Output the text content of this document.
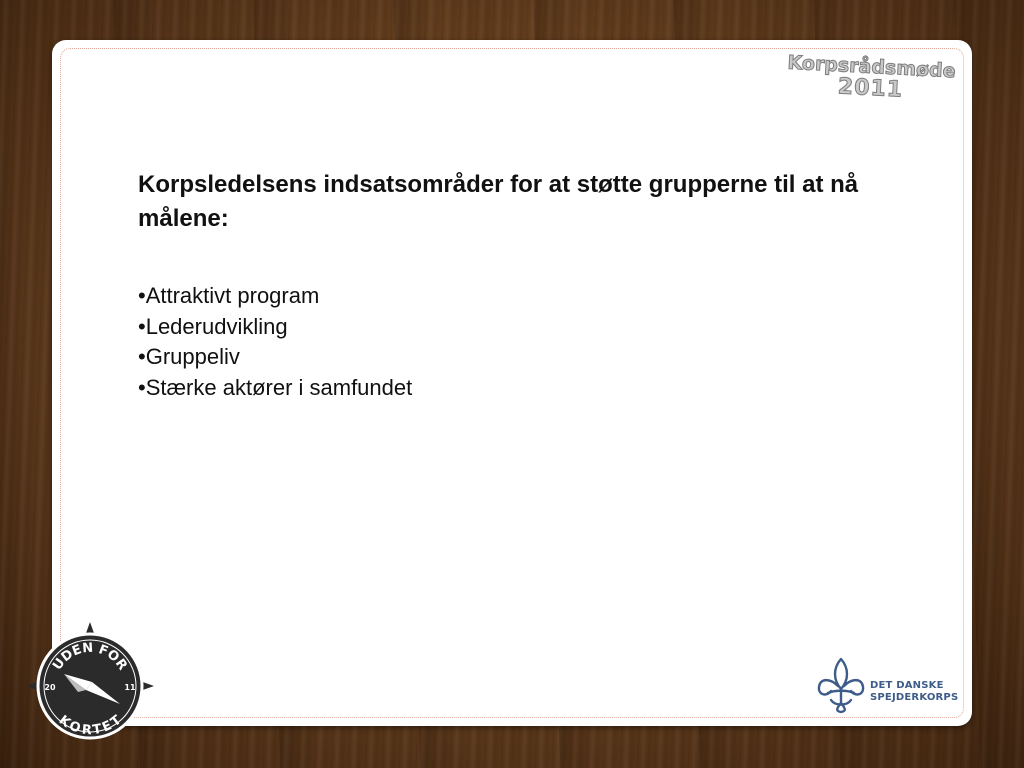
Korpsrådsmøde
2011
Korpsledelsens indsatsområder for at støtte grupperne til at nå målene:
• Attraktivt program
• Lederudvikling
• Gruppeliv
• Stærke aktører i samfundet
UDEN FOR
KORTET
20	11	DET DANSKE
SPEJDERKORPS
